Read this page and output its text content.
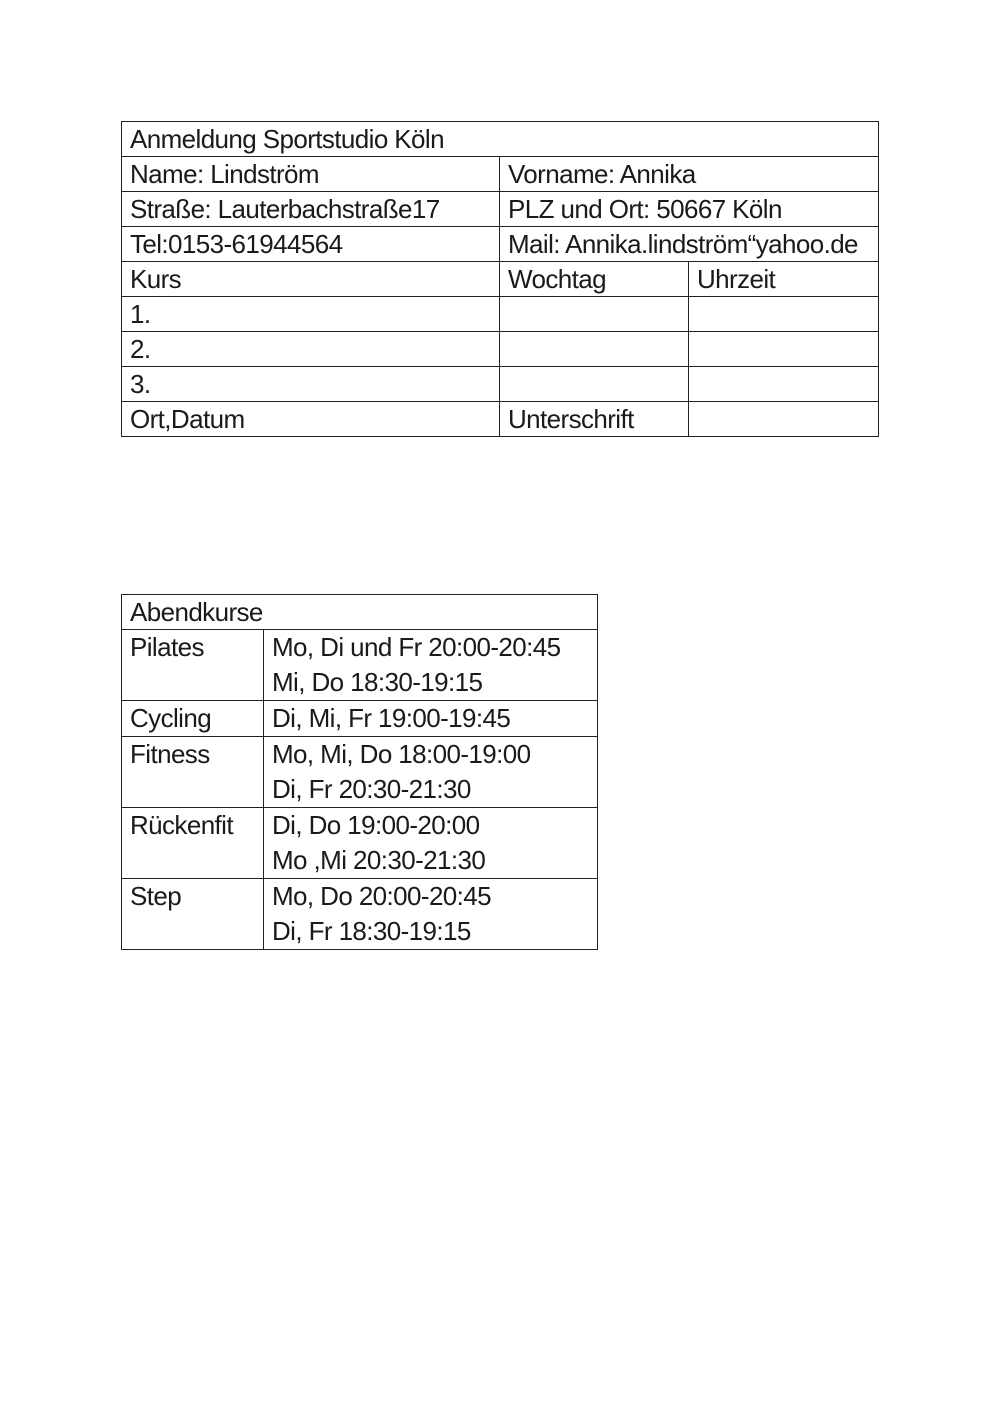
Anmeldung Sportstudio Köln		
Name: Lindström	Vorname: Annika	
Straße: Lauterbachstraße17	PLZ und Ort: 50667 Köln	
Tel:0153-61944564	Mail: Annika.lindström“yahoo.de	
Kurs	Wochtag	Uhrzeit
1.		
2.		
3.		
Ort,Datum	Unterschrift	
Abendkurse	
Pilates	Mo, Di und Fr 20:00-20:45
Mi, Do 18:30-19:15

Cycling	Di, Mi, Fr 19:00-19:45

Fitness	Mo, Mi, Do 18:00-19:00
Di, Fr 20:30-21:30

Rückenfit	Di, Do 19:00-20:00
Mo ,Mi 20:30-21:30

Step	Mo, Do 20:00-20:45
Di, Fr 18:30-19:15
